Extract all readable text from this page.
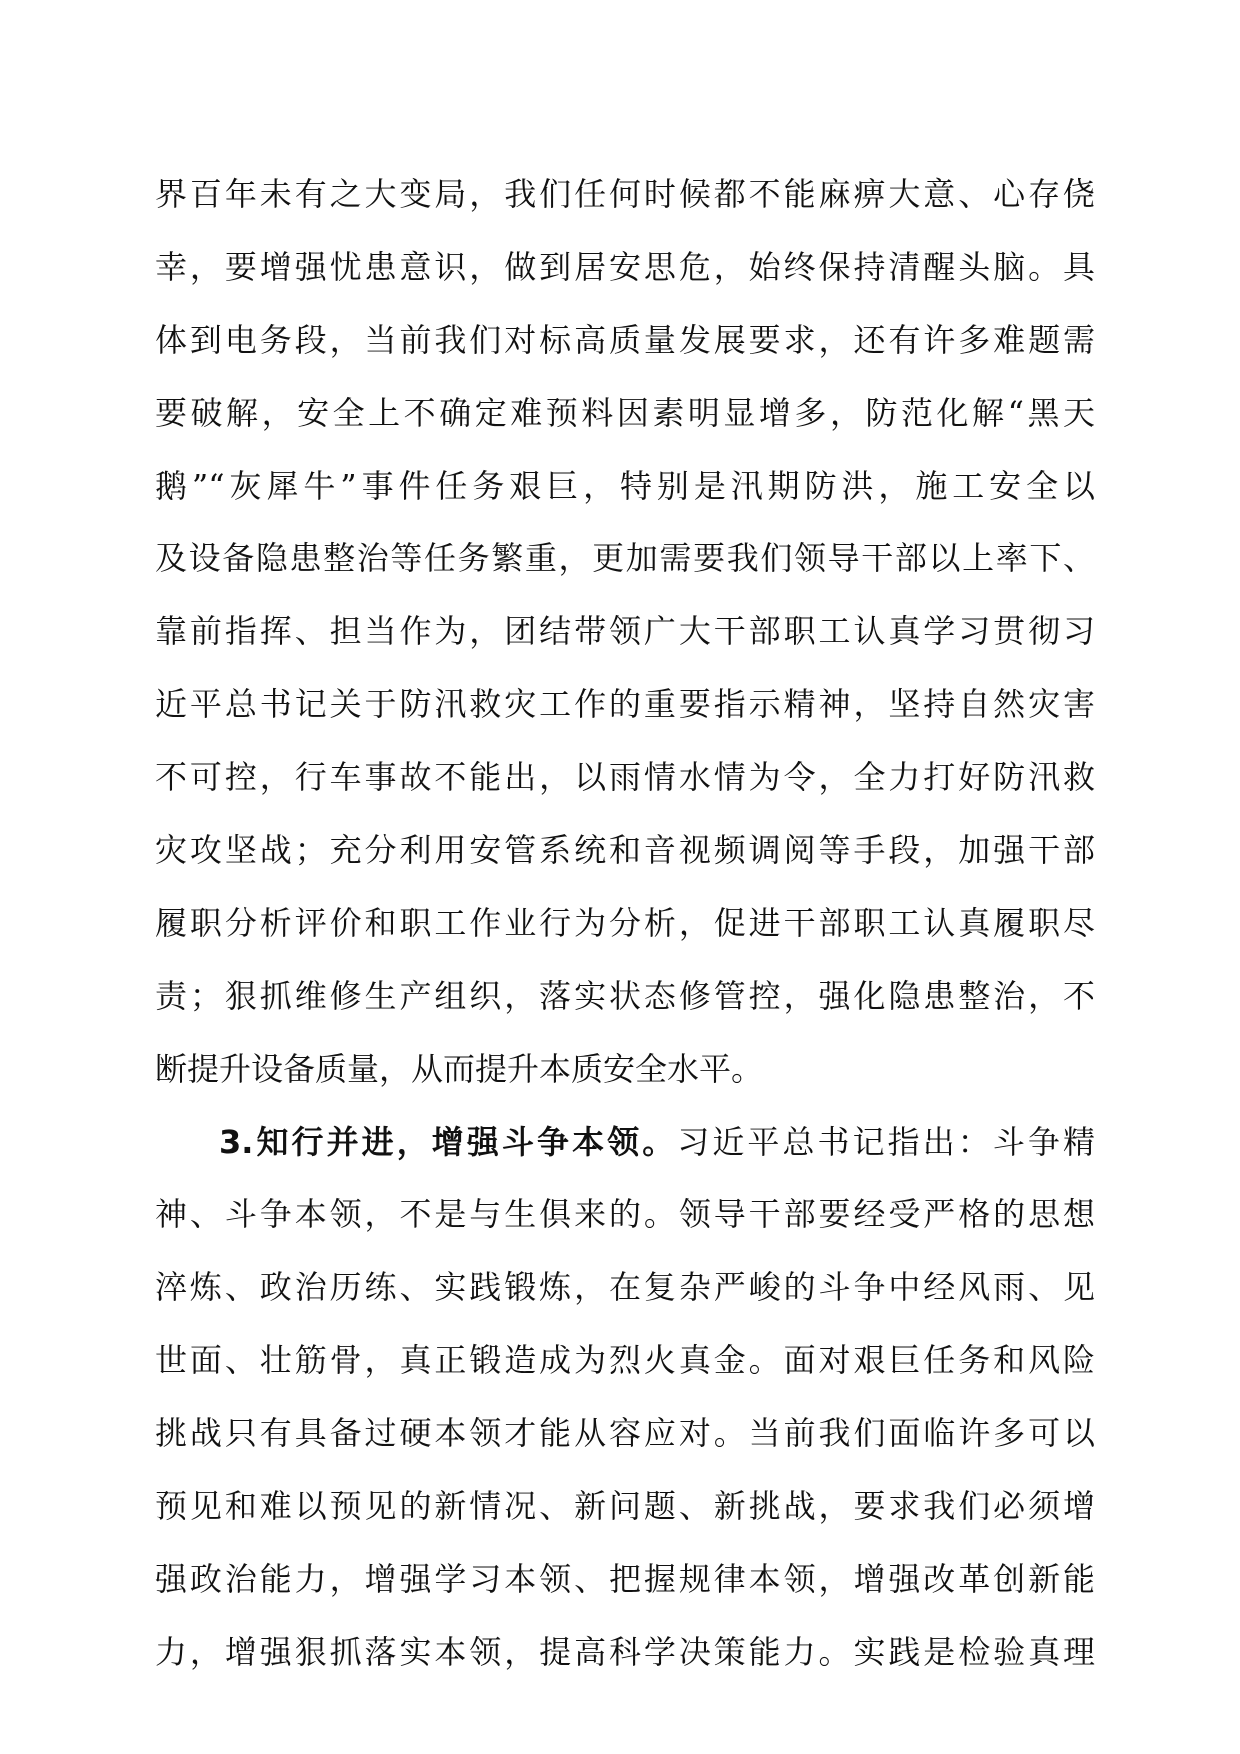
界百年未有之大变局，我们任何时候都不能麻痹大意、心存侥
幸，要增强忧患意识，做到居安思危，始终保持清醒头脑。具
体到电务段，当前我们对标高质量发展要求，还有许多难题需
要破解，安全上不确定难预料因素明显增多，防范化解“黑天
鹅”“灰犀牛”事件任务艰巨，特别是汛期防洪，施工安全以
及设备隐患整治等任务繁重，更加需要我们领导干部以上率下、
靠前指挥、担当作为，团结带领广大干部职工认真学习贯彻习
近平总书记关于防汛救灾工作的重要指示精神，坚持自然灾害
不可控，行车事故不能出，以雨情水情为令，全力打好防汛救
灾攻坚战；充分利用安管系统和音视频调阅等手段，加强干部
履职分析评价和职工作业行为分析，促进干部职工认真履职尽
责；狠抓维修生产组织，落实状态修管控，强化隐患整治，不
断提升设备质量，从而提升本质安全水平。
3.知行并进，增强斗争本领。习近平总书记指出：斗争精
神、斗争本领，不是与生俱来的。领导干部要经受严格的思想
淬炼、政治历练、实践锻炼，在复杂严峻的斗争中经风雨、见
世面、壮筋骨，真正锻造成为烈火真金。面对艰巨任务和风险
挑战只有具备过硬本领才能从容应对。当前我们面临许多可以
预见和难以预见的新情况、新问题、新挑战，要求我们必须增
强政治能力，增强学习本领、把握规律本领，增强改革创新能
力，增强狠抓落实本领，提高科学决策能力。实践是检验真理
